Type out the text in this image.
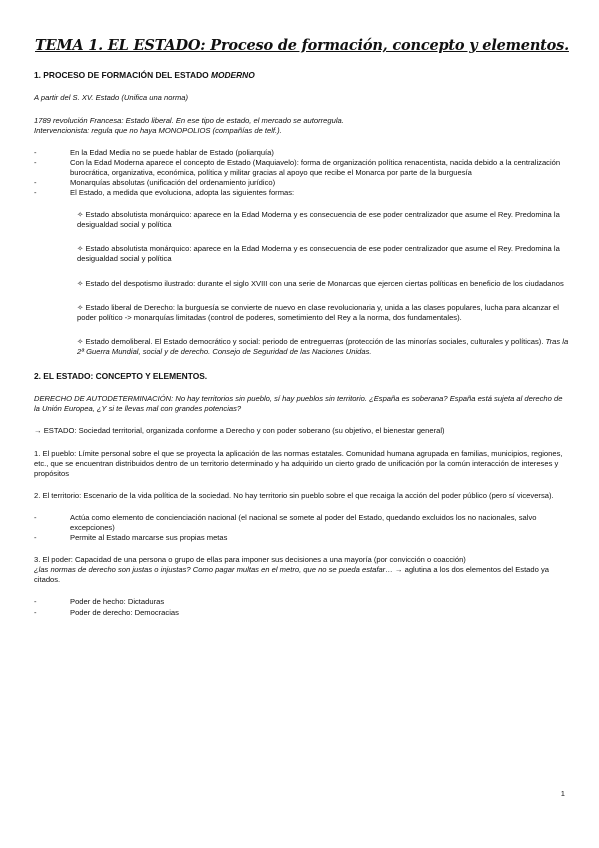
TEMA 1. EL ESTADO: Proceso de formación, concepto y elementos.
1. PROCESO DE FORMACIÓN DEL ESTADO MODERNO

A partir del S. XV. Estado (Unifica una norma)

1789 revolución Francesa: Estado liberal. En ese tipo de estado, el mercado se autorregula.
Intervencionista: regula que no haya MONOPOLIOS (compañías de telf.).

- En la Edad Media no se puede hablar de Estado (poliarquía)
- Con la Edad Moderna aparece el concepto de Estado (Maquiavelo): forma de organización política renacentista, nacida debido a la centralización burocrática, organizativa, económica, política y militar gracias al apoyo que recibe el Monarca por parte de la burguesía
- Monarquías absolutas (unificación del ordenamiento jurídico)
- El Estado, a medida que evoluciona, adopta las siguientes formas:
✧ Estado absolutista monárquico: aparece en la Edad Moderna y es consecuencia de ese poder centralizador que asume el Rey. Predomina la desigualdad social y política
✧ Estado absolutista monárquico: aparece en la Edad Moderna y es consecuencia de ese poder centralizador que asume el Rey. Predomina la desigualdad social y política
✧ Estado del despotismo ilustrado: durante el siglo XVIII con una serie de Monarcas que ejercen ciertas políticas en beneficio de los ciudadanos
✧ Estado liberal de Derecho: la burguesía se convierte de nuevo en clase revolucionaria y, unida a las clases populares, lucha para alcanzar el poder político -> monarquías limitadas (control de poderes, sometimiento del Rey a la norma, dos fundamentales).
✧ Estado demoliberal. El Estado democrático y social: periodo de entreguerras (protección de las minorías sociales, culturales y políticas). Tras la 2ª Guerra Mundial, social y de derecho. Consejo de Seguridad de las Naciones Unidas.
2. EL ESTADO: CONCEPTO Y ELEMENTOS.

DERECHO DE AUTODETERMINACIÓN: No hay territorios sin pueblo, sí hay pueblos sin territorio. ¿España es soberana? España está sujeta al derecho de la Unión Europea, ¿Y si te llevas mal con grandes potencias?

→ ESTADO: Sociedad territorial, organizada conforme a Derecho y con poder soberano (su objetivo, el bienestar general)

1. El pueblo: Límite personal sobre el que se proyecta la aplicación de las normas estatales. Comunidad humana agrupada en familias, municipios, regiones, etc., que se encuentran distribuidos dentro de un territorio determinado y ha adquirido un cierto grado de unificación por la común interacción de intereses y propósitos

2. El territorio: Escenario de la vida política de la sociedad. No hay territorio sin pueblo sobre el que recaiga la acción del poder público (pero sí viceversa).

- Actúa como elemento de concienciación nacional (el nacional se somete al poder del Estado, quedando excluidos los no nacionales, salvo excepciones)
- Permite al Estado marcarse sus propias metas

3. El poder: Capacidad de una persona o grupo de ellas para imponer sus decisiones a una mayoría (por convicción o coacción)
¿las normas de derecho son justas o injustas? Como pagar multas en el metro, que no se pueda estafar… → aglutina a los dos elementos del Estado ya citados.

- Poder de hecho: Dictaduras
- Poder de derecho: Democracias
1
